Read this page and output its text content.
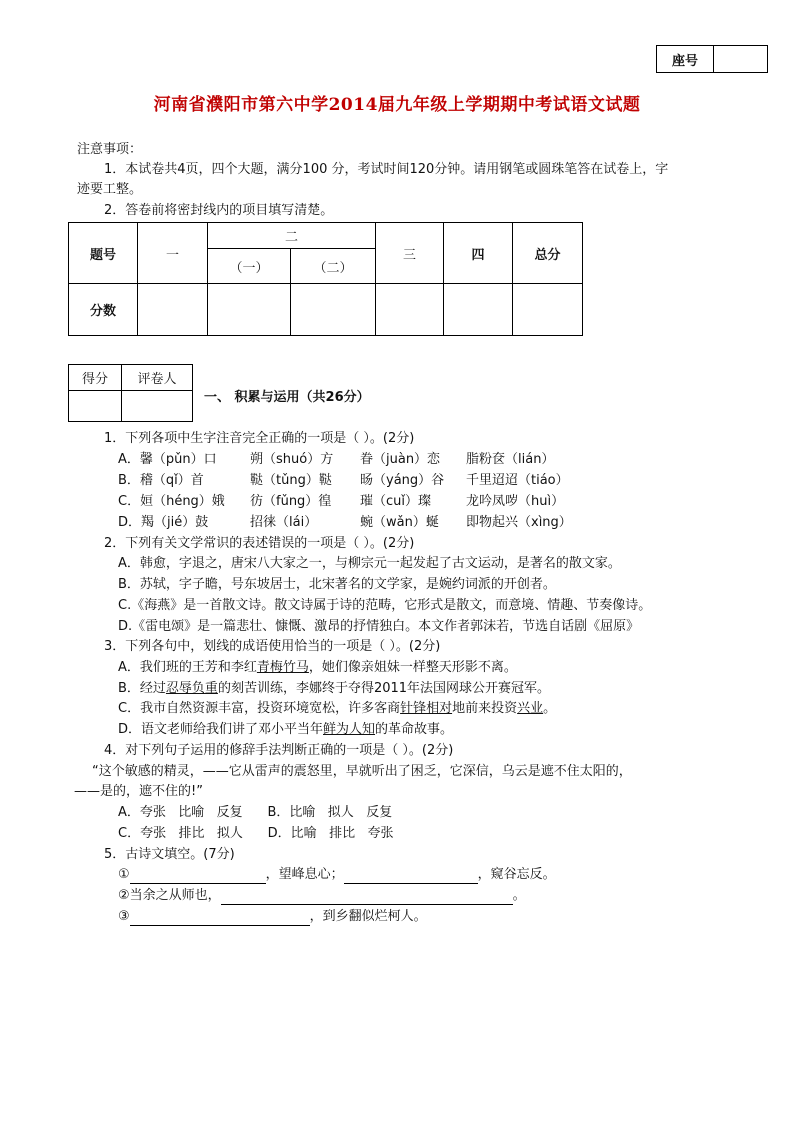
座号
河南省濮阳市第六中学2014届九年级上学期期中考试语文试题
注意事项：
1．本试卷共4页，四个大题，满分100 分，考试时间120分钟。请用钢笔或圆珠笔答在试卷上，字
迹要工整。
2．答卷前将密封线内的项目填写清楚。
题号	一	二		三	四	总分
		（一）	（二）			
分数						
得分	评卷人

一、 积累与运用（共26分）
1．下列各项中生字注音完全正确的一项是（ ）。(2分)
A．馨（pǔn）口	朔（shuó）方 眷（juàn）恋 脂粉奁（lián）
B．稽（qǐ）首	鞑（tǔng）鞑 旸（yáng）谷 千里迢迢（tiáo）
C．姮（héng）娥 彷（fǔng）徨 璀（cuǐ）璨	龙吟凤哕（huì）
D．羯（jié）鼓	招徕（lái）	蜿（wǎn）蜒 即物起兴（xìng）
2．下列有关文学常识的表述错误的一项是（ ）。(2分)
A．韩愈，字退之，唐宋八大家之一，与柳宗元一起发起了古文运动，是著名的散文家。
B．苏轼，字子瞻，号东坡居士，北宋著名的文学家，是婉约词派的开创者。
C.《海燕》是一首散文诗。散文诗属于诗的范畴，它形式是散文，而意境、情趣、节奏像诗。
D.《雷电颂》是一篇悲壮、慷慨、激昂的抒情独白。本文作者郭沫若，节选自话剧《屈原》
3．下列各句中，划线的成语使用恰当的一项是（ ）。(2分)
A．我们班的王芳和李红青梅竹马，她们像亲姐妹一样整天形影不离。
B．经过忍辱负重的刻苦训练，李娜终于夺得2011年法国网球公开赛冠军。
C．我市自然资源丰富，投资环境宽松，许多客商针锋相对地前来投资兴业。
D．语文老师给我们讲了邓小平当年鲜为人知的革命故事。
4．对下列句子运用的修辞手法判断正确的一项是（ ）。(2分)
“这个敏感的精灵，——它从雷声的震怒里，早就听出了困乏，它深信，乌云是遮不住太阳的，
——是的，遮不住的!”
A．夸张   比喻   反复      B．比喻   拟人   反复
C．夸张   排比   拟人      D．比喻   排比   夸张
5．古诗文填空。(7分)
①	，望峰息心；	，窥谷忘反。
②当余之从师也，	。
③	，到乡翻似烂柯人。
